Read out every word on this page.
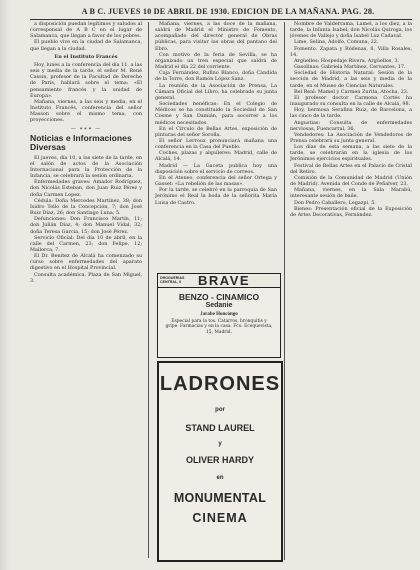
A B C. JUEVES 10 DE ABRIL DE 1930. EDICION DE LA MAÑANA. PAG. 28.

a disposición puedan legítimos y saludos al corresponsal de A B C en el lugar de Salamanca, que llegan a favor de los pobres.

El pueblo vive en la ciudad de Salamanca, que llegan a la ciudad.

En el Instituto Francés

Hoy, lunes a la conferencia del día 11, a las seis y media de la tarde, el señor M. René Cassin, profesor de la Facultad de Derecho de París, hablará sobre el tema: «El pensamiento francés y la unidad de Europa».

Mañana, viernes, a las seis y media, en el Instituto Francés, conferencia del señor Masson sobre el mismo tema, con proyecciones.

— ∗∗∗ —
Noticias e Informaciones Diversas

El jueves, día 10, a las siete de la tarde, en el salón de actos de la Asociación Internacional para la Protección de la Infancia, se celebrará la sesión ordinaria.

Enfermedades graves: Amador Rodríguez, don Nicolás Esteban, don Juan Ruiz Pérez y doña Carmen Lopez.

Cédula: Doña Mercedes Martínez, 38; don Isidro Tello de la Concepción, 7; don José Ruiz Díaz, 26; don Santiago Luna, 5.

Defunciones: Don Francisco Martín, 11; don Julián Díaz, 4; don Manuel Vidal, 32; doña Teresa García, 15; don José Pérez.

Servicio Oficial: Del día 10 de abril, en la calle del Carmen, 23; don Felipe, 12; Mallorca, 7.

El Dr. Benitez de Alcalá ha comenzado su curso sobre enfermedades del aparato digestivo en el Hospital Provincial.

Consulta académica. Plaza de San Miguel, 3.

Mañana, viernes, a las doce de la mañana, saldrá de Madrid el Ministro de Fomento, acompañado del director general de Obras públicas, para visitar las obras del pantano del Ebro.

Con motivo de la feria de Sevilla, se ha organizado un tren especial que saldrá de Madrid el día 22 del corriente.

Caja Fernández, Rufino Blanco, doña Cándida de la Torre, don Ramón López Sanz.

La reunión de la Asociación de Prensa, La Cámara Oficial del Libro, ha celebrado su junta general.

Sociedades benéficas: En el Colegio de Médicos se ha constituido la Sociedad de San Cosme y San Damián, para socorrer a los médicos necesitados.

En el Círculo de Bellas Artes, exposición de pinturas del señor Sorolla.

El señor Lerroux pronunciará mañana una conferencia en la Casa del Pueblo.

Coches, plazas y alquileres: Madrid, calle de Alcalá, 14.

Madrid — La Gaceta publica hoy una disposición sobre el servicio de correos.

En el Ateneo, conferencia del señor Ortega y Gasset: «La rebelión de las masas».

Por la tarde, se celebró en la parroquia de San Jerónimo el Real la boda de la señorita María Luisa de Castro.

DROGUERÍAS CENTRAL, 6	BRAVE
BENZO - CINAMICO
Sedanie
Jarabe Honcóngo
Especial para la tos. Catarros, bronquitis y gripe. Farmacias y en la casa. Fco. Ecequevista, 15, Madrid.
LADRONES
por
STAND LAUREL
y
OLIVER HARDY
en
MONUMENTAL
CINEMA

Nombre de Valderrama, Lamel, a los diez, a la tarde, la Infanta Isabel; don Nicolás Quiroga, los jóvenes de Vallejo y doña Isabel Luz Cadaval.

Lime, Selina, Adolfo, Comuna, 22.

Fomento. Zapata y Ródenas, 8, Villa Rosales, 14.

Argüelles: Hospedaje Rivera, Argüelles, 3.

Gasolinas: Gabriela Martínez, Cervantes, 17.

Sociedad de Historia Natural: Sesión de la sección de Madrid, a las seis y media de la tarde, en el Museo de Ciencias Naturales.

Bel Real: Mamel y Carmen Zurita, Atocha, 23.

El profesor doctor Carmona Cortés ha inaugurado su consulta en la calle de Alcalá, 98.

Hoy, hermosa Serafina Ruiz, de Barcelona, a las cinco de la tarde.

Angustias: Consulta de enfermedades nerviosas, Fuencarral, 36.

Vendedores: La Asociación de Vendedores de Prensa celebrará su junta general.

Los días de esta semana, a las siete de la tarde, se celebrarán en la iglesia de los Jerónimos ejercicios espirituales.

Festival de Bellas Artes en el Palacio de Cristal del Retiro.

Comisión de la Comunidad de Madrid (Unión de Madrid). Avenida del Conde de Peñalver, 23.

Mañana, viernes, en la Sala Marabú, interesante sesión de baile.

Don Pedro Caballero, Legazpi, 5.

Bienes: Presentación oficial de la Exposición de Artes Decorativas, Fernández.
